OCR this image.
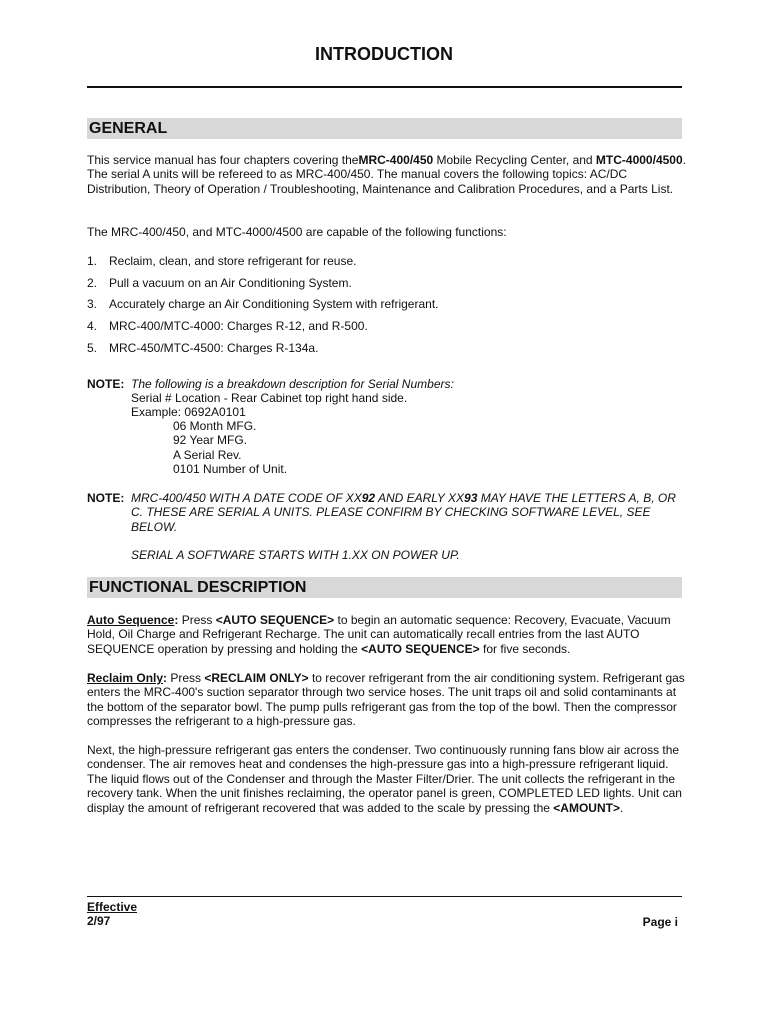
INTRODUCTION
GENERAL
This service manual has four chapters covering theMRC-400/450 Mobile Recycling Center, and MTC-4000/4500. The serial A units will be refereed to as MRC-400/450. The manual covers the following topics: AC/DC Distribution, Theory of Operation / Troubleshooting, Maintenance and Calibration Procedures, and a Parts List.
The MRC-400/450, and MTC-4000/4500 are capable of the following functions:
1. Reclaim, clean, and store refrigerant for reuse.
2. Pull a vacuum on an Air Conditioning System.
3. Accurately charge an Air Conditioning System with refrigerant.
4. MRC-400/MTC-4000: Charges R-12, and R-500.
5. MRC-450/MTC-4500: Charges R-134a.
NOTE: The following is a breakdown description for Serial Numbers:
Serial # Location - Rear Cabinet top right hand side.
Example: 0692A0101
06 Month MFG.
92 Year MFG.
A Serial Rev.
0101 Number of Unit.
NOTE: MRC-400/450 WITH A DATE CODE OF XX92 AND EARLY XX93 MAY HAVE THE LETTERS A, B, OR C. THESE ARE SERIAL A UNITS. PLEASE CONFIRM BY CHECKING SOFTWARE LEVEL, SEE BELOW.
SERIAL A SOFTWARE STARTS WITH 1.XX ON POWER UP.
FUNCTIONAL DESCRIPTION
Auto Sequence: Press <AUTO SEQUENCE> to begin an automatic sequence: Recovery, Evacuate, Vacuum Hold, Oil Charge and Refrigerant Recharge. The unit can automatically recall entries from the last AUTO SEQUENCE operation by pressing and holding the <AUTO SEQUENCE> for five seconds.
Reclaim Only: Press <RECLAIM ONLY> to recover refrigerant from the air conditioning system. Refrigerant gas enters the MRC-400's suction separator through two service hoses. The unit traps oil and solid contaminants at the bottom of the separator bowl. The pump pulls refrigerant gas from the top of the bowl. Then the compressor compresses the refrigerant to a high-pressure gas.
Next, the high-pressure refrigerant gas enters the condenser. Two continuously running fans blow air across the condenser. The air removes heat and condenses the high-pressure gas into a high-pressure refrigerant liquid. The liquid flows out of the Condenser and through the Master Filter/Drier. The unit collects the refrigerant in the recovery tank. When the unit finishes reclaiming, the operator panel is green, COMPLETED LED lights. Unit can display the amount of refrigerant recovered that was added to the scale by pressing the <AMOUNT>.
Effective
2/97	Page i
